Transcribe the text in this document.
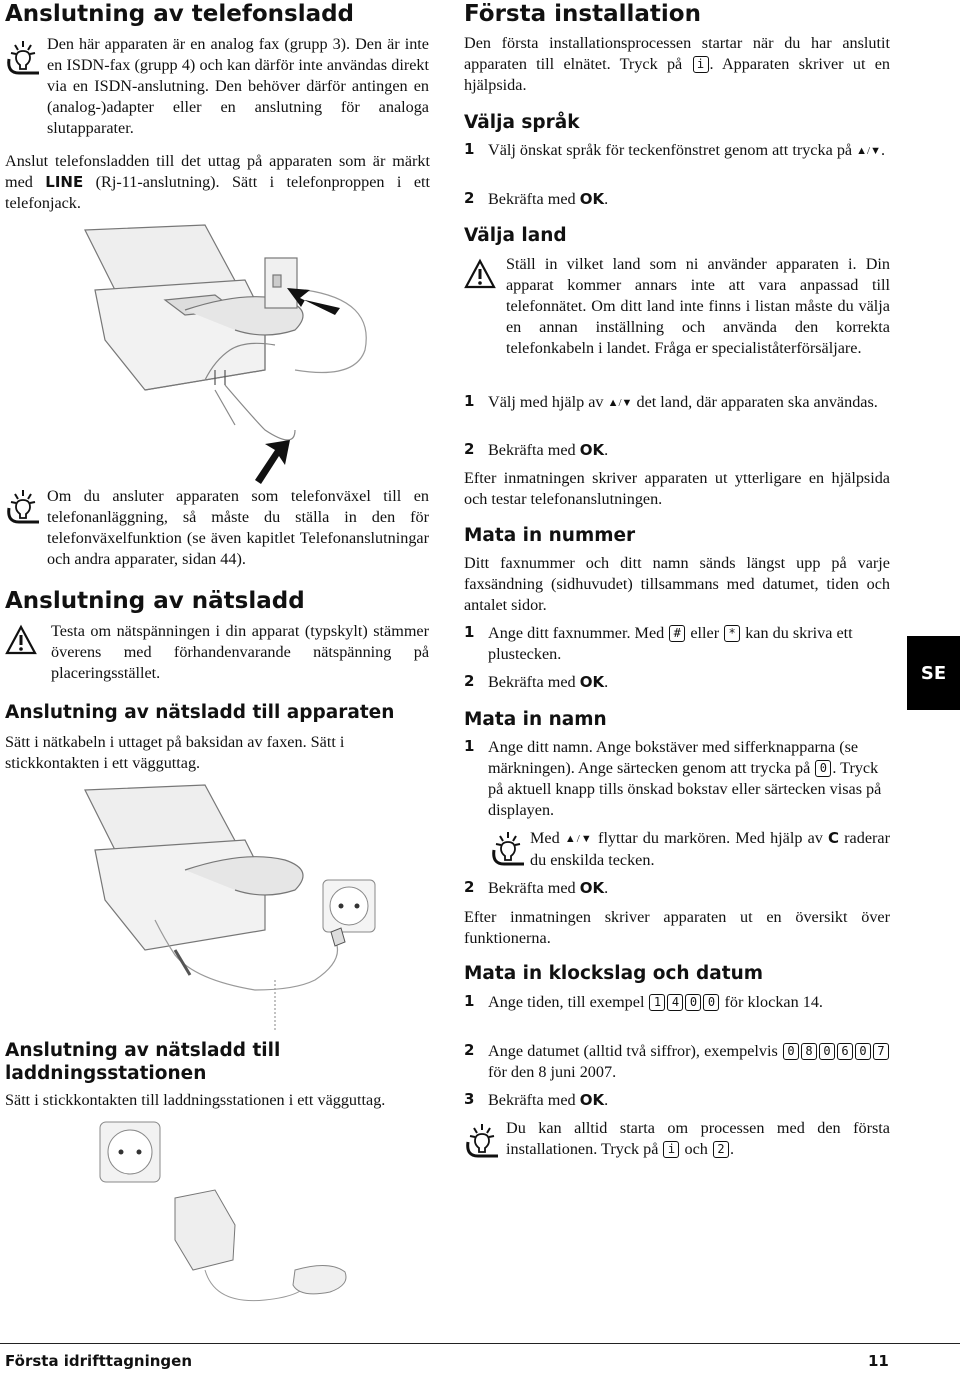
Anslutning av telefonsladd

Den här apparaten är en analog fax (grupp 3). Den är inte en ISDN-fax (grupp 4) och kan därför inte användas direkt via en ISDN-anslutning. Den behöver därför antingen en (analog-)adapter eller en anslutning för analoga slutapparater.

Anslut telefonsladden till det uttag på apparaten som är märkt med LINE (Rj-11-anslutning). Sätt i telefonproppen i ett telefonjack.

Om du ansluter apparaten som telefonväxel till en telefonanläggning, så måste du ställa in den för telefonväxelfunktion (se även kapitlet Telefonanslutningar och andra apparater, sidan 44).

Anslutning av nätsladd

Testa om nätspänningen i din apparat (typskylt) stämmer överens med förhandenvarande nätspänning på placeringsstället.

Anslutning av nätsladd till apparaten

Sätt i nätkabeln i uttaget på baksidan av faxen. Sätt i stickkontakten i ett vägguttag.

Anslutning av nätsladd till laddningsstationen

Sätt i stickkontakten till laddningsstationen i ett vägguttag.

Första installation

Den första installationsprocessen startar när du har anslutit apparaten till elnätet. Tryck på i . Apparaten skriver ut en hjälpsida.

Välja språk
1 Välj önskat språk för teckenfönstret genom att trycka på ▲/▼.
2 Bekräfta med OK.
Välja land

Ställ in vilket land som ni använder apparaten i. Din apparat kommer annars inte att vara anpassad till telefonnätet. Om ditt land inte finns i listan måste du välja en annan inställning och använda den korrekta telefonkabeln i landet. Fråga er specialiståterförsäljare.

1 Välj med hjälp av ▲/▼ det land, där apparaten ska användas.
2 Bekräfta med OK.

Efter inmatningen skriver apparaten ut ytterligare en hjälpsida och testar telefonanslutningen.

Mata in nummer

Ditt faxnummer och ditt namn sänds längst upp på varje faxsändning (sidhuvudet) tillsammans med datumet, tiden och antalet sidor.

1 Ange ditt faxnummer. Med # eller * kan du skriva ett plustecken.
2 Bekräfta med OK.
Mata in namn
1 Ange ditt namn. Ange bokstäver med sifferknapparna (se märkningen). Ange särtecken genom att trycka på 0 . Tryck på aktuell knapp tills önskad bokstav eller särtecken visas på displayen.
Med ▲/▼ flyttar du markören. Med hjälp av C raderar du enskilda tecken.
2 Bekräfta med OK.

Efter inmatningen skriver apparaten ut en översikt över funktionerna.

Mata in klockslag och datum
1 Ange tiden, till exempel 1 4 0 0 för klockan 14.
2 Ange datumet (alltid två siffror), exempelvis 0 8 0 6 0 7 för den 8 juni 2007.
3 Bekräfta med OK.
Du kan alltid starta om processen med den första installationen. Tryck på i och 2 .
SE
Första idrifttagningen	11
